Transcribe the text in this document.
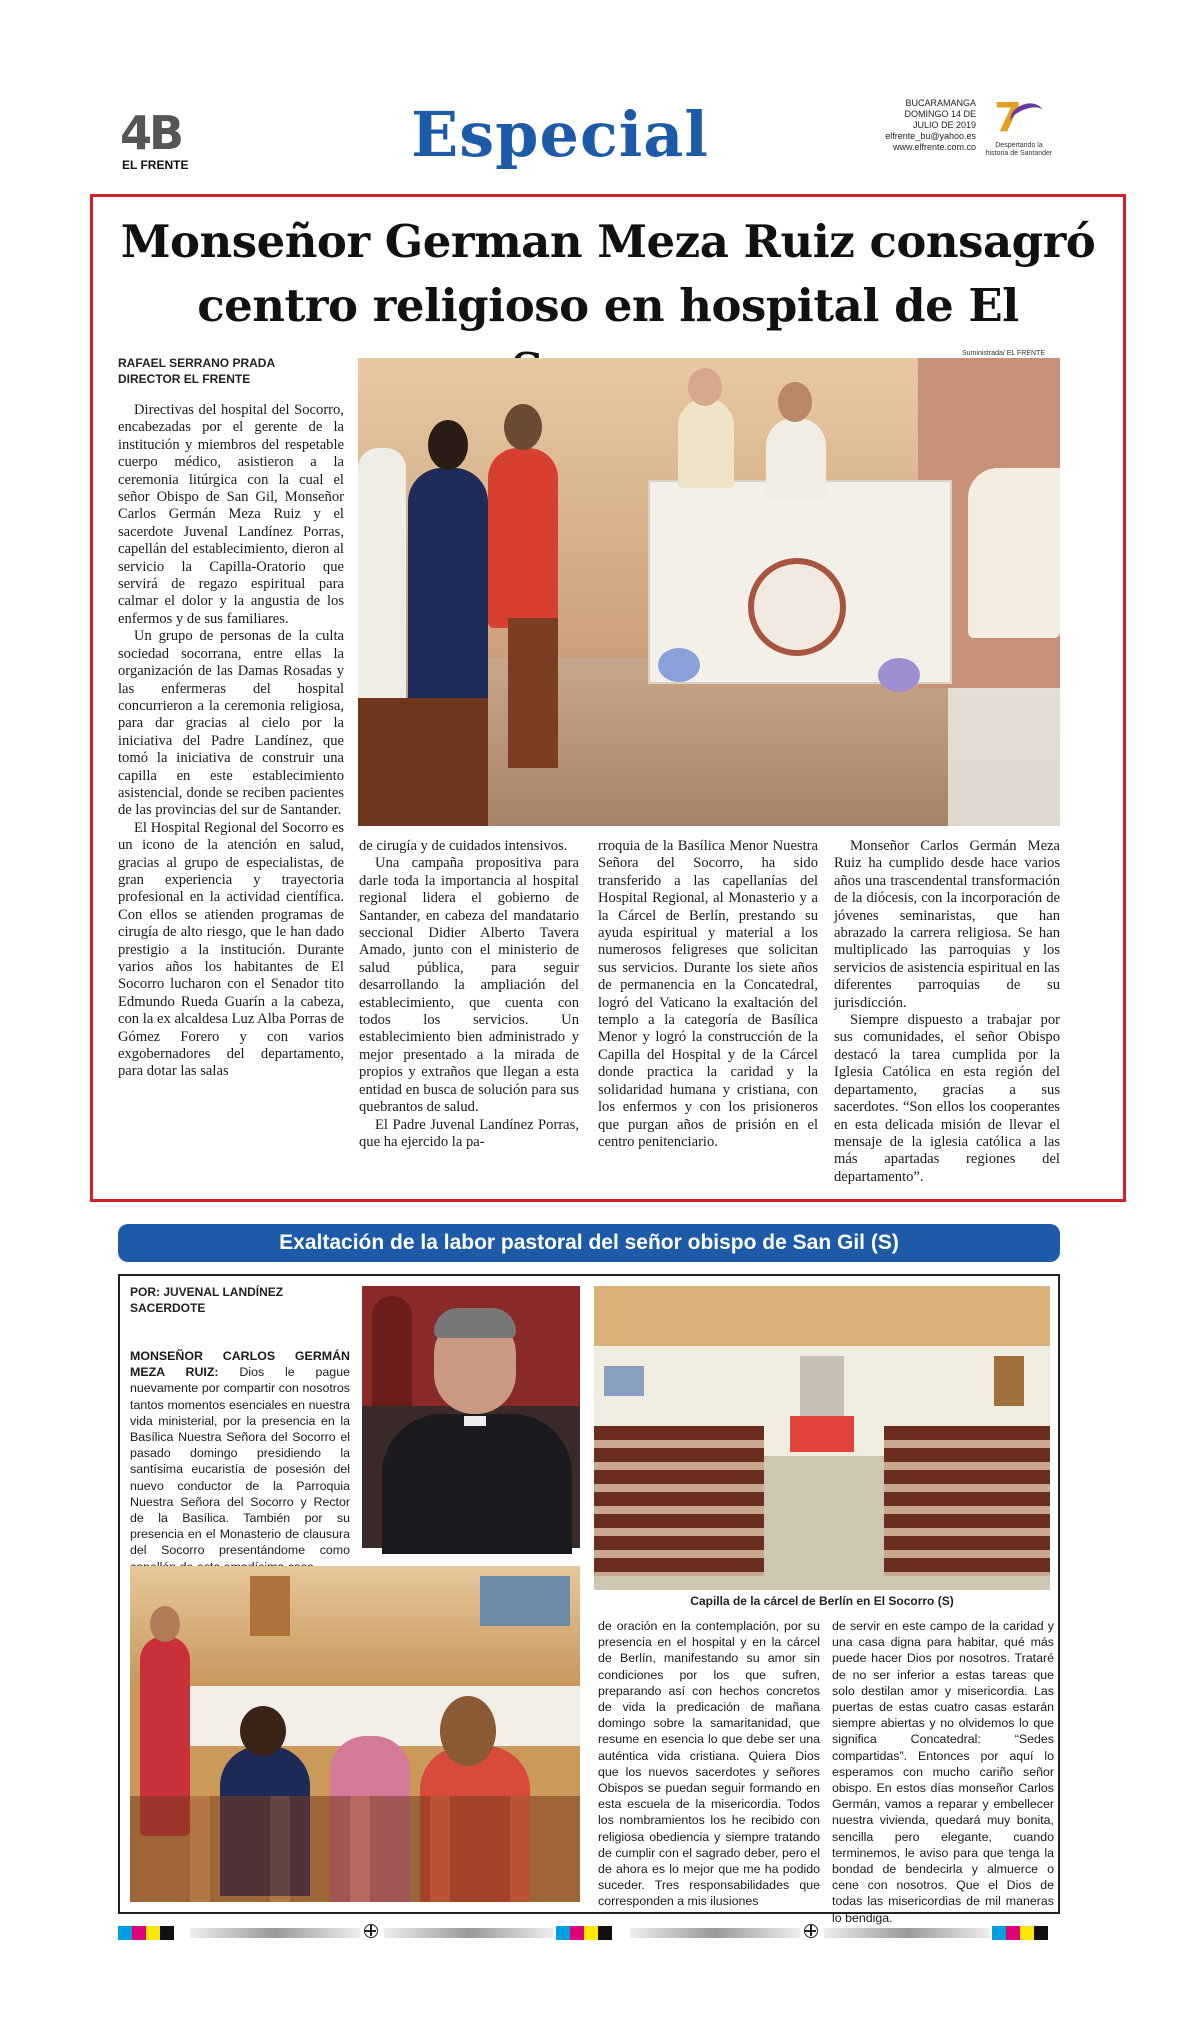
4B
EL FRENTE	Especial	BUCARAMANGA
DOMINGO 14 DE JULIO DE 2019
elfrente_bu@yahoo.es
www.elfrente.com.co
7
Despertando la historia de Santander
Monseñor German Meza Ruiz consagró centro religioso en hospital de El
RAFAEL SERRANO PRADA
DIRECTOR EL FRENTE
Suministrada/ EL FRENTE

Directivas del hospital del Socorro, encabezadas por el gerente de la institución y miembros del respetable cuerpo médico, asistieron a la ceremonia litúrgica con la cual el señor Obispo de San Gil, Monseñor Carlos Germán Meza Ruiz y el sacerdote Juvenal Landínez Porras, capellán del establecimiento, dieron al servicio la Capilla-Oratorio que servirá de regazo espiritual para calmar el dolor y la angustia de los enfermos y de sus familiares.

Un grupo de personas de la culta sociedad socorrana, entre ellas la organización de las Damas Rosadas y las enfermeras del hospital concurrieron a la ceremonia religiosa, para dar gracias al cielo por la iniciativa del Padre Landínez, que tomó la iniciativa de construir una capilla en este establecimiento asistencial, donde se reciben pacientes de las provincias del sur de Santander.

El Hospital Regional del Socorro es un icono de la atención en salud, gracias al grupo de especialistas, de gran experiencia y trayectoria profesional en la actividad científica. Con ellos se atienden programas de cirugía de alto riesgo, que le han dado prestigio a la institución. Durante varios años los habitantes de El Socorro lucharon con el Senador tito Edmundo Rueda Guarín a la cabeza, con la ex alcaldesa Luz Alba Porras de Gómez Forero y con varios exgobernadores del departamento, para dotar las salas

de cirugía y de cuidados intensivos.

Una campaña propositiva para darle toda la importancia al hospital regional lidera el gobierno de Santander, en cabeza del mandatario seccional Didier Alberto Tavera Amado, junto con el ministerio de salud pública, para seguir desarrollando la ampliación del establecimiento, que cuenta con todos los servicios. Un establecimiento bien administrado y mejor presentado a la mirada de propios y extraños que llegan a esta entidad en busca de solución para sus quebrantos de salud.

El Padre Juvenal Landínez Porras, que ha ejercido la pa-

rroquia de la Basílica Menor Nuestra Señora del Socorro, ha sido transferido a las capellanías del Hospital Regional, al Monasterio y a la Cárcel de Berlín, prestando su ayuda espiritual y material a los numerosos feligreses que solicitan sus servicios. Durante los siete años de permanencia en la Concatedral, logró del Vaticano la exaltación del templo a la categoría de Basílica Menor y logró la construcción de la Capilla del Hospital y de la Cárcel donde practica la caridad y la solidaridad humana y cristiana, con los enfermos y con los prisioneros que purgan años de prisión en el centro penitenciario.

Monseñor Carlos Germán Meza Ruiz ha cumplido desde hace varios años una trascendental transformación de la diócesis, con la incorporación de jóvenes seminaristas, que han abrazado la carrera religiosa. Se han multiplicado las parroquias y los servicios de asistencia espiritual en las diferentes parroquias de su jurisdicción.

Siempre dispuesto a trabajar por sus comunidades, el señor Obispo destacó la tarea cumplida por la Iglesia Católica en esta región del departamento, gracias a sus sacerdotes. “Son ellos los cooperantes en esta delicada misión de llevar el mensaje de la iglesia católica a las más apartadas regiones del departamento”.

Exaltación de la labor pastoral del señor obispo de San Gil (S)
POR: JUVENAL LANDÍNEZ
SACERDOTE

MONSEÑOR CARLOS GERMÁN MEZA RUIZ: Dios le pague nuevamente por compartir con nosotros tantos momentos esenciales en nuestra vida ministerial, por la presencia en la Basílica Nuestra Señora del Socorro el pasado domingo presidiendo la santísima eucaristía de posesión del nuevo conductor de la Parroquia Nuestra Señora del Socorro y Rector de la Basílica. También por su presencia en el Monasterio de clausura del Socorro presentándome como

Capilla de la cárcel de Berlín en El Socorro (S)

de oración en la contemplación, por su presencia en el hospital y en la cárcel de Berlín, manifestando su amor sin condiciones por los que sufren, preparando así con hechos concretos de vida la predicación de mañana domingo sobre la samaritanidad, que resume en esencia lo que debe ser una auténtica vida cristiana. Quiera Dios que los nuevos sacerdotes y señores Obispos se puedan seguir formando en esta escuela de la misericordia. Todos los nombramientos los he recibido con religiosa obediencia y siempre tratando de cumplir con el sagrado deber, pero el de ahora es lo mejor que me ha podido suceder. Tres responsabilidades que corresponden a mis ilusiones

de servir en este campo de la caridad y una casa digna para habitar, qué más puede hacer Dios por nosotros. Trataré de no ser inferior a estas tareas que solo destilan amor y misericordia. Las puertas de estas cuatro casas estarán siempre abiertas y no olvidemos lo que significa Concatedral: “Sedes compartidas”. Entonces por aquí lo esperamos con mucho cariño señor obispo. En estos días monseñor Carlos Germán, vamos a reparar y embellecer nuestra vivienda, quedará muy bonita, sencilla pero elegante, cuando terminemos, le aviso para que tenga la bondad de bendecirla y almuerce o cene con nosotros. Que el Dios de todas las misericordias de mil maneras lo bendiga.
